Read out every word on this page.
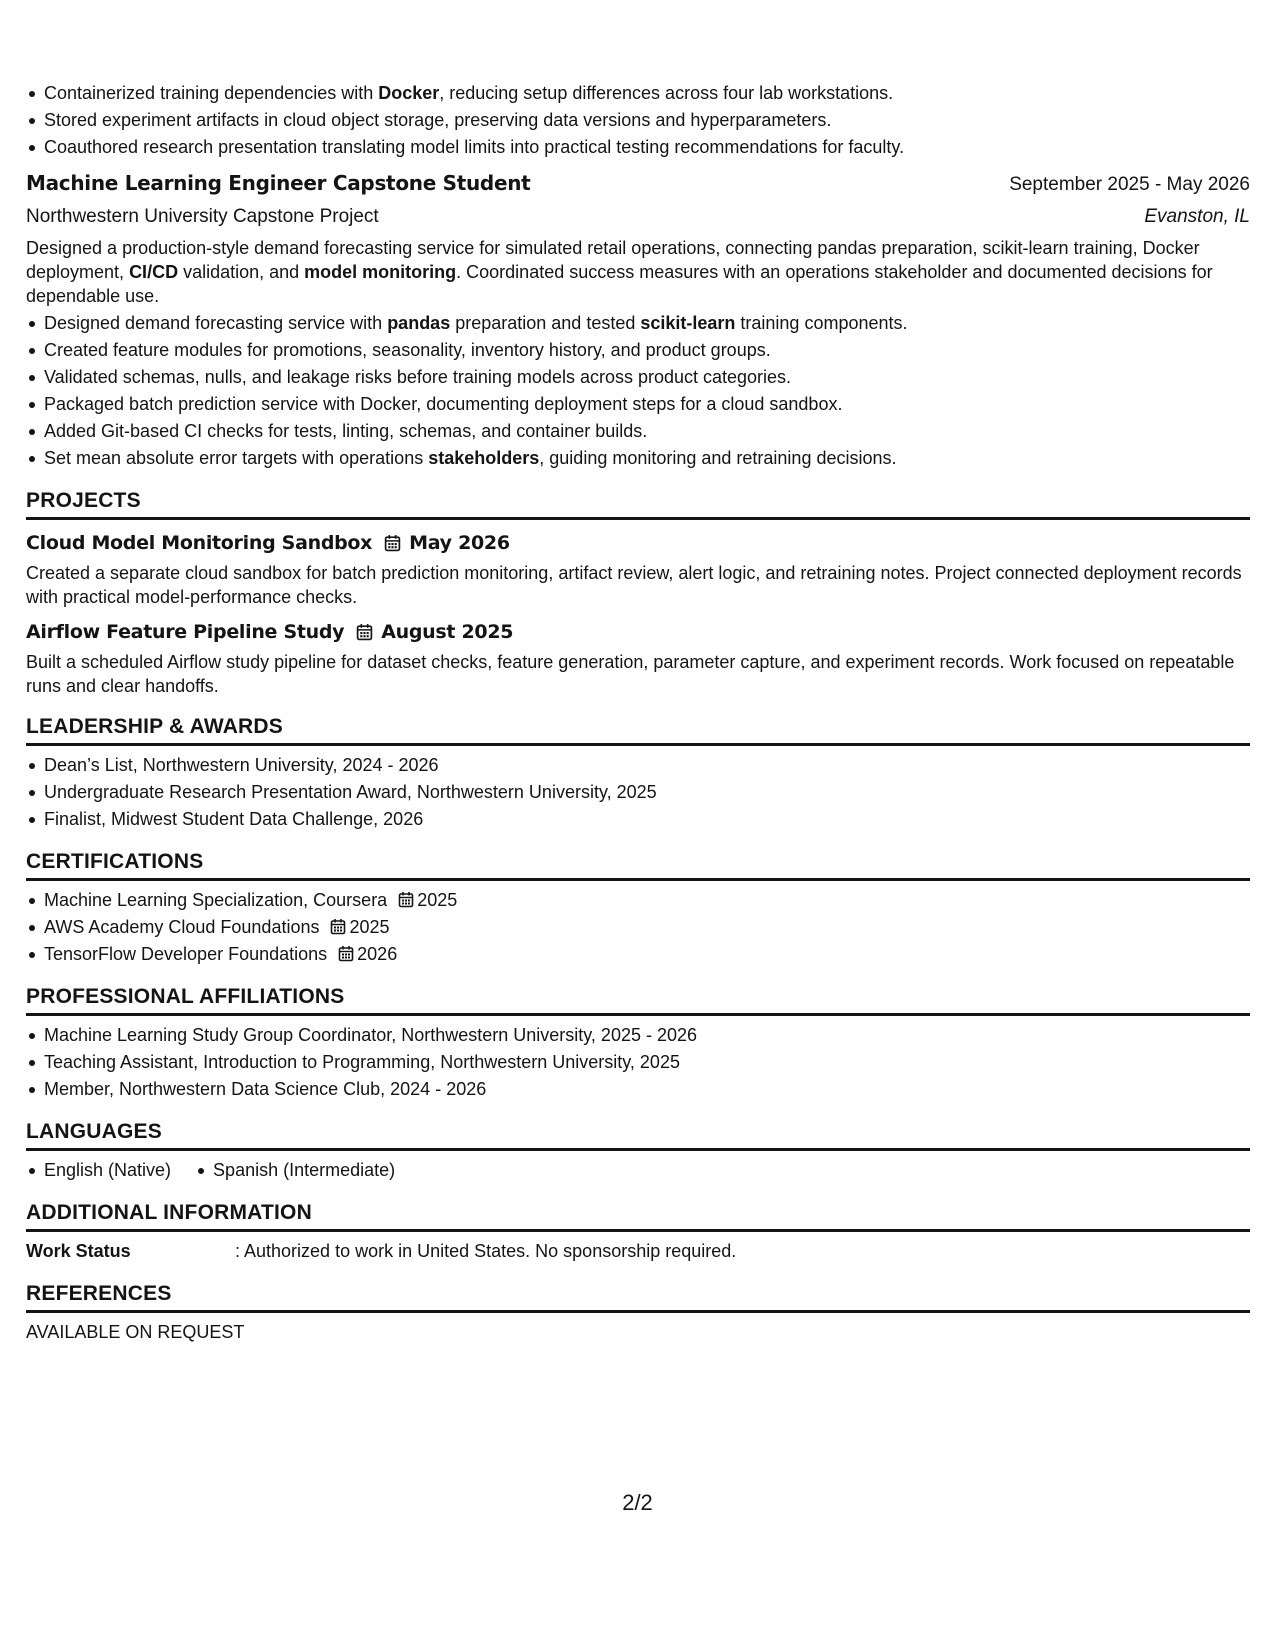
Containerized training dependencies with Docker, reducing setup differences across four lab workstations.
Stored experiment artifacts in cloud object storage, preserving data versions and hyperparameters.
Coauthored research presentation translating model limits into practical testing recommendations for faculty.
Machine Learning Engineer Capstone Student	September 2025 - May 2026
Northwestern University Capstone Project	Evanston, IL
Designed a production-style demand forecasting service for simulated retail operations, connecting pandas preparation, scikit-learn training, Docker deployment, CI/CD validation, and model monitoring. Coordinated success measures with an operations stakeholder and documented decisions for dependable use.
Designed demand forecasting service with pandas preparation and tested scikit-learn training components.
Created feature modules for promotions, seasonality, inventory history, and product groups.
Validated schemas, nulls, and leakage risks before training models across product categories.
Packaged batch prediction service with Docker, documenting deployment steps for a cloud sandbox.
Added Git-based CI checks for tests, linting, schemas, and container builds.
Set mean absolute error targets with operations stakeholders, guiding monitoring and retraining decisions.
PROJECTS
Cloud Model Monitoring Sandbox May 2026
Created a separate cloud sandbox for batch prediction monitoring, artifact review, alert logic, and retraining notes. Project connected deployment records with practical model-performance checks.
Airflow Feature Pipeline Study August 2025
Built a scheduled Airflow study pipeline for dataset checks, feature generation, parameter capture, and experiment records. Work focused on repeatable runs and clear handoffs.
LEADERSHIP & AWARDS
Dean’s List, Northwestern University, 2024 - 2026
Undergraduate Research Presentation Award, Northwestern University, 2025
Finalist, Midwest Student Data Challenge, 2026
CERTIFICATIONS
Machine Learning Specialization, Coursera 2025
AWS Academy Cloud Foundations 2025
TensorFlow Developer Foundations 2026
PROFESSIONAL AFFILIATIONS
Machine Learning Study Group Coordinator, Northwestern University, 2025 - 2026
Teaching Assistant, Introduction to Programming, Northwestern University, 2025
Member, Northwestern Data Science Club, 2024 - 2026
LANGUAGES
English (Native) Spanish (Intermediate)
ADDITIONAL INFORMATION
Work Status	: Authorized to work in United States. No sponsorship required.
REFERENCES
AVAILABLE ON REQUEST
2/2
